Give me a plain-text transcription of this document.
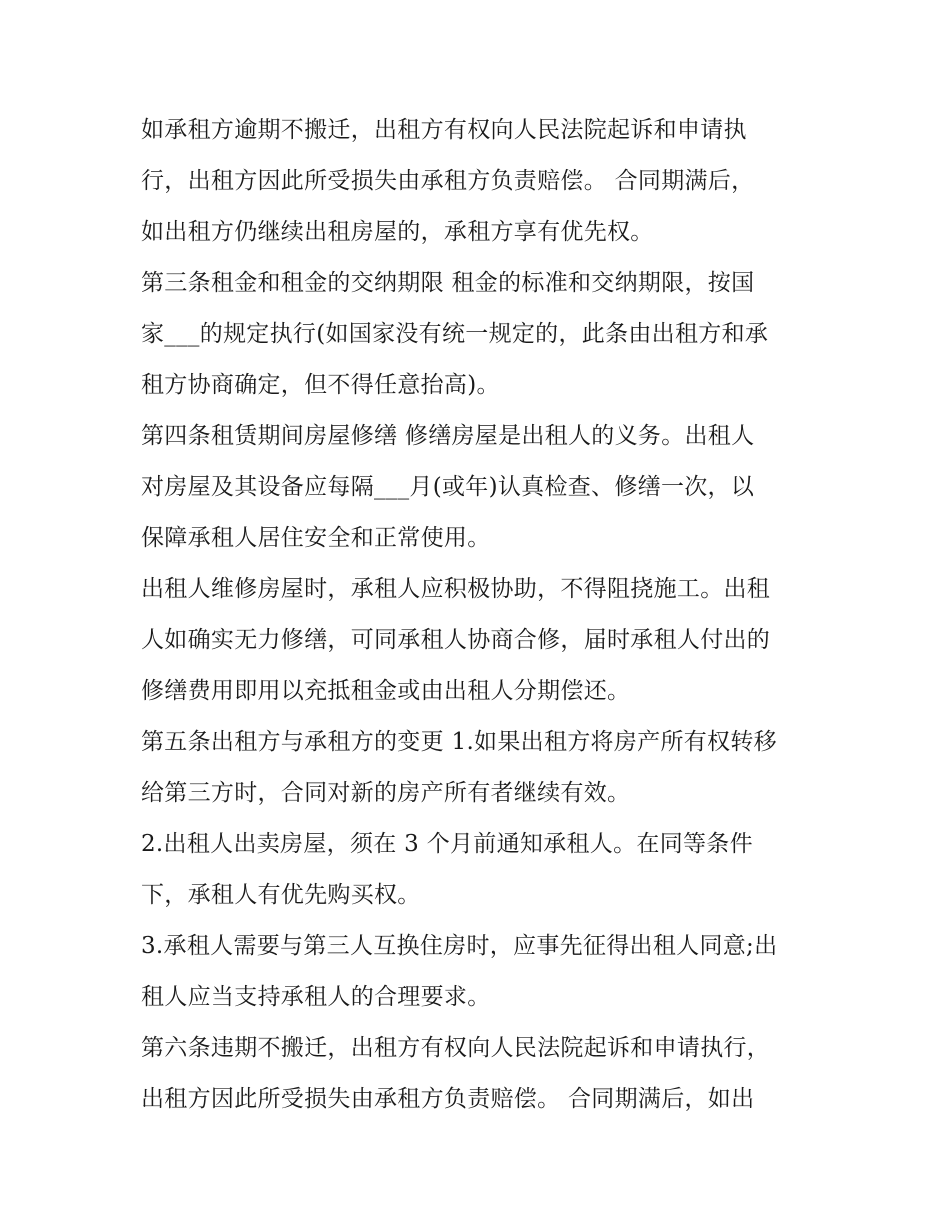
如承租方逾期不搬迁，出租方有权向人民法院起诉和申请执
行，出租方因此所受损失由承租方负责赔偿。 合同期满后，
如出租方仍继续出租房屋的，承租方享有优先权。
第三条租金和租金的交纳期限 租金的标准和交纳期限，按国
家___的规定执行(如国家没有统一规定的，此条由出租方和承
租方协商确定，但不得任意抬高)。
第四条租赁期间房屋修缮 修缮房屋是出租人的义务。出租人
对房屋及其设备应每隔___月(或年)认真检查、修缮一次，以
保障承租人居住安全和正常使用。
出租人维修房屋时，承租人应积极协助，不得阻挠施工。出租
人如确实无力修缮，可同承租人协商合修，届时承租人付出的
修缮费用即用以充抵租金或由出租人分期偿还。
第五条出租方与承租方的变更 1.如果出租方将房产所有权转移
给第三方时，合同对新的房产所有者继续有效。
2.出租人出卖房屋，须在 3 个月前通知承租人。在同等条件
下，承租人有优先购买权。
3.承租人需要与第三人互换住房时，应事先征得出租人同意;出
租人应当支持承租人的合理要求。
第六条违期不搬迁，出租方有权向人民法院起诉和申请执行，
出租方因此所受损失由承租方负责赔偿。 合同期满后，如出
